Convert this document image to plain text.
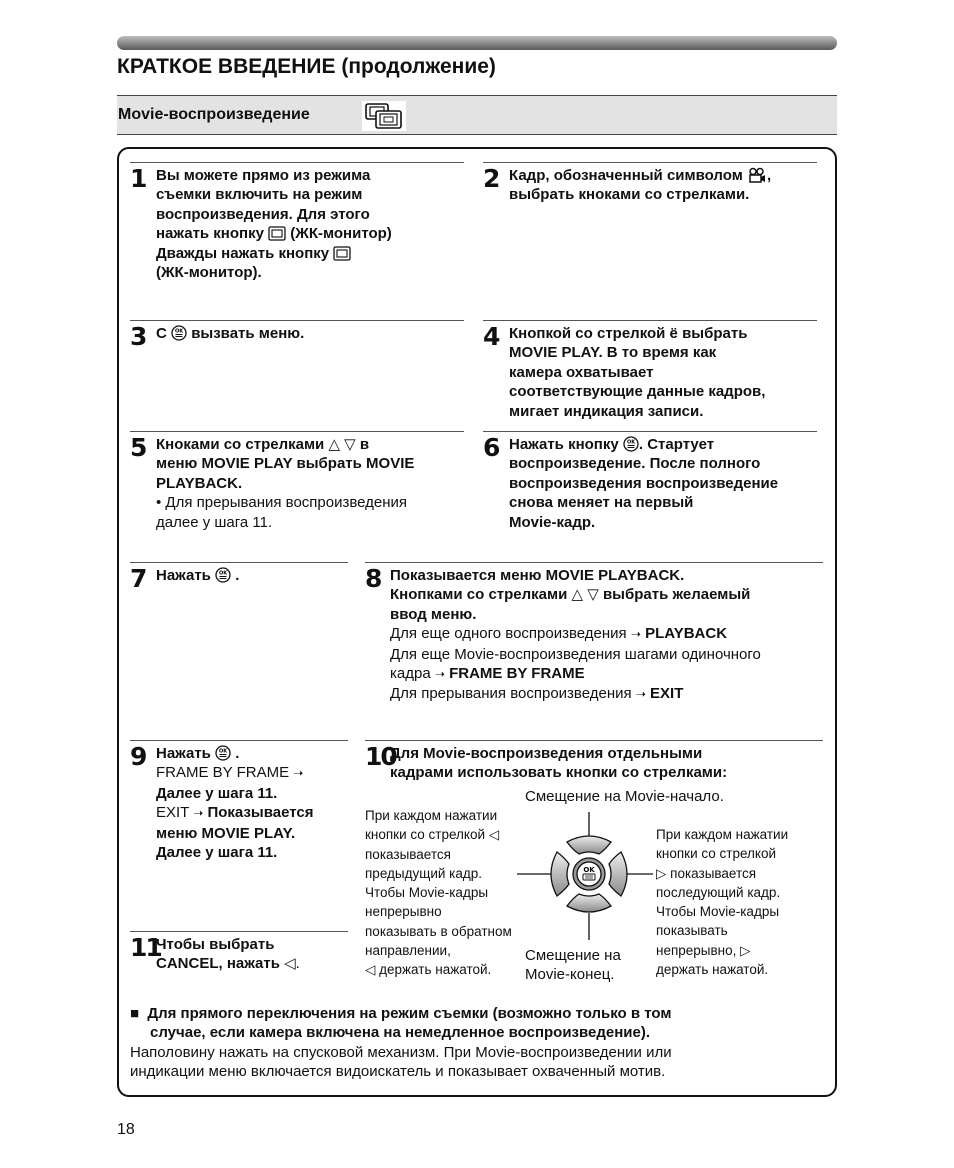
КРАТКОЕ ВВЕДЕНИЕ (продолжение)
Movie-воспроизведение
1 Вы можете прямо из режима
съемки включить на режим
воспроизведения. Для этого
нажать кнопку (ЖК-монитор)
Дважды нажать кнопку
(ЖК-монитор).
2 Кадр, обозначенный символом ,
выбрать кноками со стрелками.
3 С OK вызвать меню.	4 Кнопкой со стрелкой ё выбрать
MOVIE PLAY. В то время как
камера охватывает
соответствующие данные кадров,
мигает индикация записи.
5 Кноками со стрелками △ ▽ в
меню MOVIE PLAY выбрать MOVIE
PLAYBACK.
• Для прерывания воспроизведения
далее у шага 11.
6 Нажать кнопку OK . Стартует
воспроизведение. После полного
воспроизведения воспроизведение
снова меняет на первый
Movie-кадр.
7 Нажать OK .	8 Показывается меню MOVIE PLAYBACK.
Кнопками со стрелками △ ▽ выбрать желаемый
ввод меню.
Для еще одного воспроизведения ➝ PLAYBACK
Для еще Movie-воспроизведения шагами одиночного
кадра ➝ FRAME BY FRAME
Для прерывания воспроизведения ➝ EXIT
9 Нажать OK .
FRAME BY FRAME ➝
Далее у шага 11.
EXIT ➝ Показывается
меню MOVIE PLAY.
Далее у шага 11.
10
Для Movie-воспроизведения отдельными
кадрами использовать кнопки со стрелками:
11
Чтобы выбрать
CANCEL, нажать ◁.
Смещение на Movie-начало.
При каждом нажатии
кнопки со стрелкой ◁
показывается
предыдущий кадр.
Чтобы Movie-кадры
непрерывно
показывать в обратном
направлении,
◁ держать нажатой.
При каждом нажатии
кнопки со стрелкой
▷ показывается
последующий кадр.
Чтобы Movie-кадры
показывать
непрерывно, ▷
держать нажатой.
Смещение на
Movie-конец.
OK
■ Для прямого переключения на режим съемки (возможно только в том
случае, если камера включена на немедленное воспроизведение).
Наполовину нажать на спусковой механизм. При Movie-воспроизведении или
индикации меню включается видоискатель и показывает охваченный мотив.
18
